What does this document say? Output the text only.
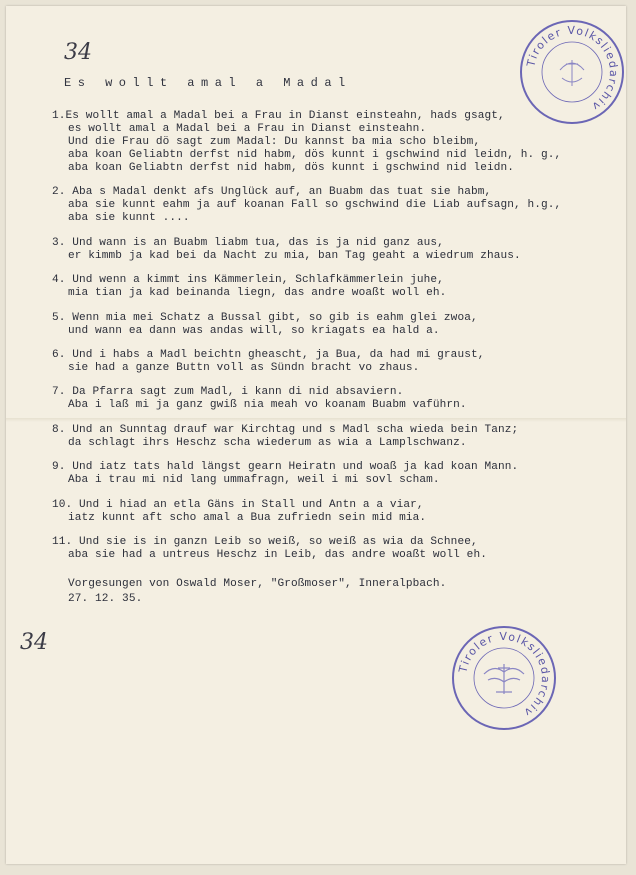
34	Tiroler Volksliedarchiv
Es wollt amal a Madal
1.Es wollt amal a Madal bei a Frau in Dianst einsteahn, hads gsagt,
es wollt amal a Madal bei a Frau in Dianst einsteahn.
Und die Frau dö sagt zum Madal: Du kannst ba mia scho bleibm,
aba koan Geliabtn derfst nid habm, dös kunnt i gschwind nid leidn, h. g.,
aba koan Geliabtn derfst nid habm, dös kunnt i gschwind nid leidn.
2. Aba s Madal denkt afs Unglück auf, an Buabm das tuat sie habm,
aba sie kunnt eahm ja auf koanan Fall so gschwind die Liab aufsagn, h.g.,
aba sie kunnt ....
3. Und wann is an Buabm liabm tua, das is ja nid ganz aus,
er kimmb ja kad bei da Nacht zu mia, ban Tag geaht a wiedrum zhaus.
4. Und wenn a kimmt ins Kämmerlein, Schlafkämmerlein juhe,
mia tian ja kad beinanda liegn, das andre woaßt woll eh.
5. Wenn mia mei Schatz a Bussal gibt, so gib is eahm glei zwoa,
und wann ea dann was andas will, so kriagats ea hald a.
6. Und i habs a Madl beichtn gheascht, ja Bua, da had mi graust,
sie had a ganze Buttn voll as Sündn bracht vo zhaus.
7. Da Pfarra sagt zum Madl, i kann di nid absaviern.
Aba i laß mi ja ganz gwiß nia meah vo koanam Buabm vaführn.
8. Und an Sunntag drauf war Kirchtag und s Madl scha wieda bein Tanz;
da schlagt ihrs Heschz scha wiederum as wia a Lamplschwanz.
9. Und iatz tats hald längst gearn Heiratn und woaß ja kad koan Mann.
Aba i trau mi nid lang ummafragn, weil i mi sovl scham.
10. Und i hiad an etla Gäns in Stall und Antn a a viar,
iatz kunnt aft scho amal a Bua zufriedn sein mid mia.
11. Und sie is in ganzn Leib so weiß, so weiß as wia da Schnee,
aba sie had a untreus Heschz in Leib, das andre woaßt woll eh.
Vorgesungen von Oswald Moser, "Großmoser", Inneralpbach.
27. 12. 35.
34
Tiroler Volksliedarchiv
